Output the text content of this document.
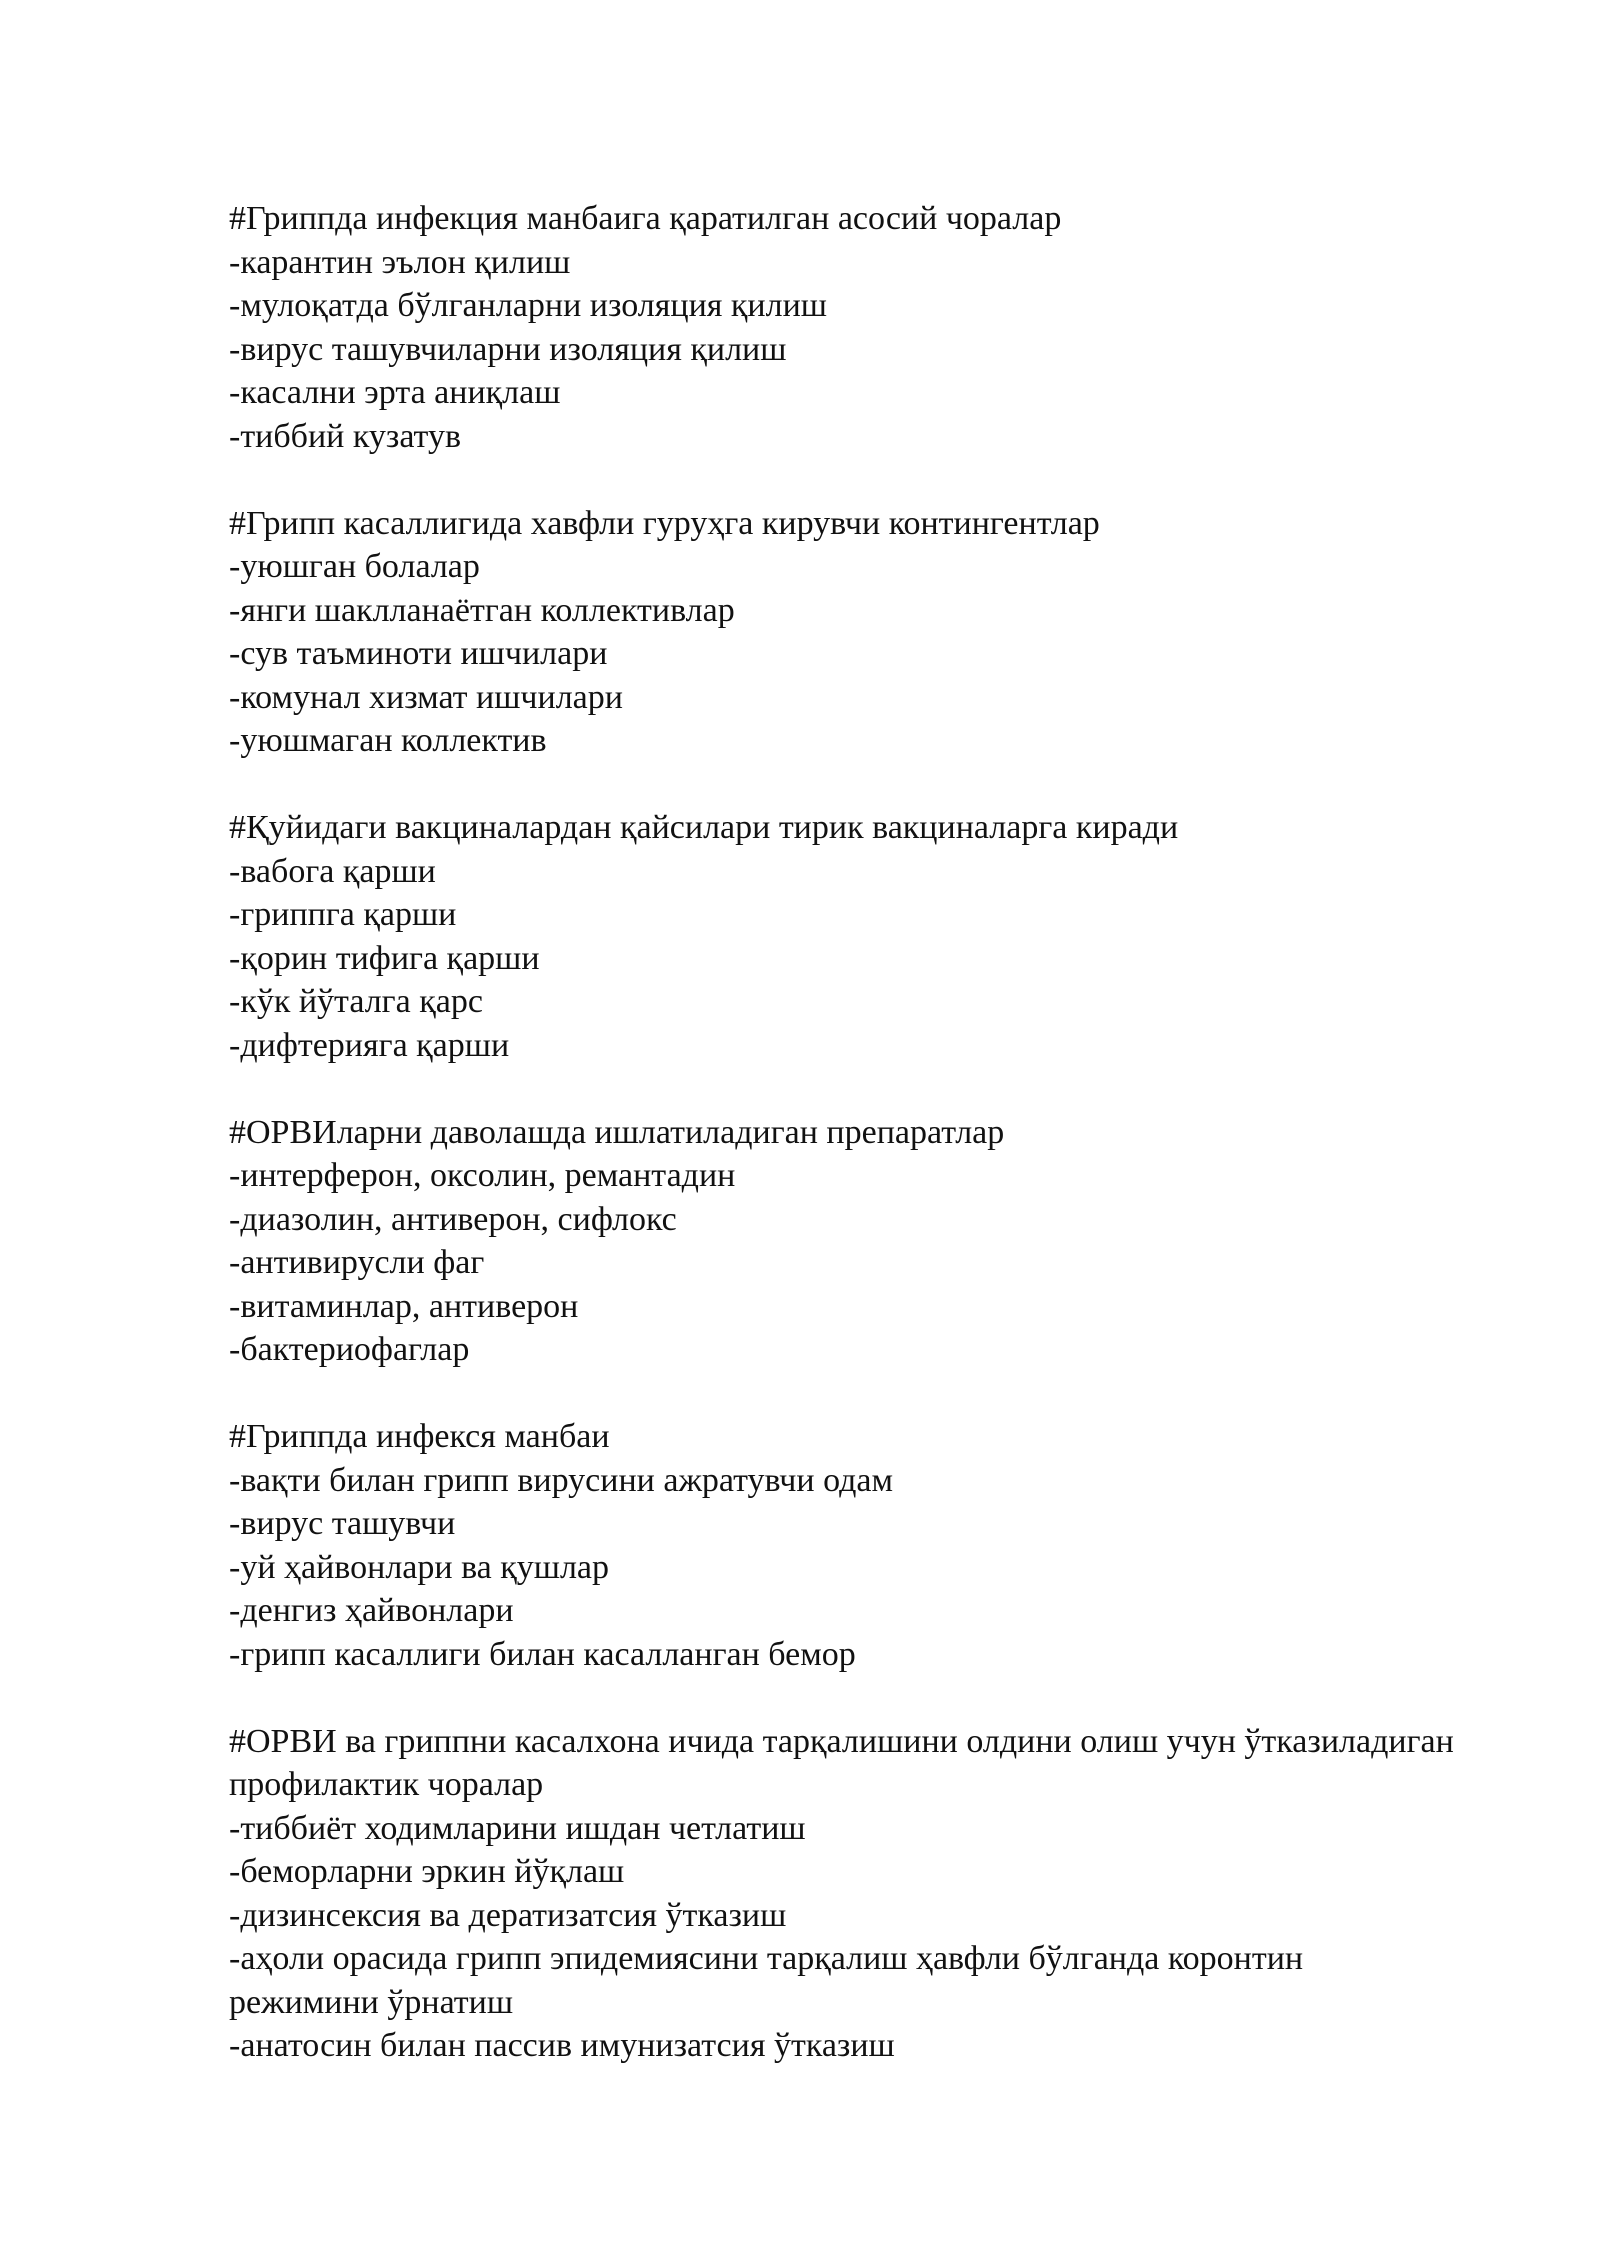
#Гриппда инфекция манбаига қаратилган асосий чоралар
-карантин эълон қилиш
-мулоқатда бўлганларни изоляция қилиш
-вирус ташувчиларни изоляция қилиш
-касални эрта аниқлаш
-тиббий кузатув
#Грипп касаллигида хавфли гуруҳга кирувчи контингентлар
-уюшган болалар
-янги шаклланаётган коллективлар
-сув таъминоти ишчилари
-комунал хизмат ишчилари
-уюшмаган коллектив
#Қуйидаги вакциналардан қайсилари тирик вакциналарга киради
-вабога қарши
-гриппга қарши
-қорин тифига қарши
-кўк йўталга қарс
-дифтерияга қарши
#ОРВИларни даволашда ишлатиладиган препаратлар
-интерферон, оксолин, ремантадин
-диазолин, антиверон, сифлокс
-антивирусли фаг
-витаминлар, антиверон
-бактериофаглар
#Гриппда инфекся манбаи
-вақти билан грипп вирусини ажратувчи одам
-вирус ташувчи
-уй ҳайвонлари ва қушлар
-денгиз ҳайвонлари
-грипп касаллиги билан касалланган бемор
#ОРВИ ва гриппни касалхона ичида тарқалишини олдини олиш учун ўтказиладиган профилактик чоралар
-тиббиёт ходимларини ишдан четлатиш
-беморларни эркин йўқлаш
-дизинсексия ва дератизатсия ўтказиш
-аҳоли орасида грипп эпидемиясини тарқалиш ҳавфли бўлганда коронтин режимини ўрнатиш
-анатосин билан пассив имунизатсия ўтказиш
